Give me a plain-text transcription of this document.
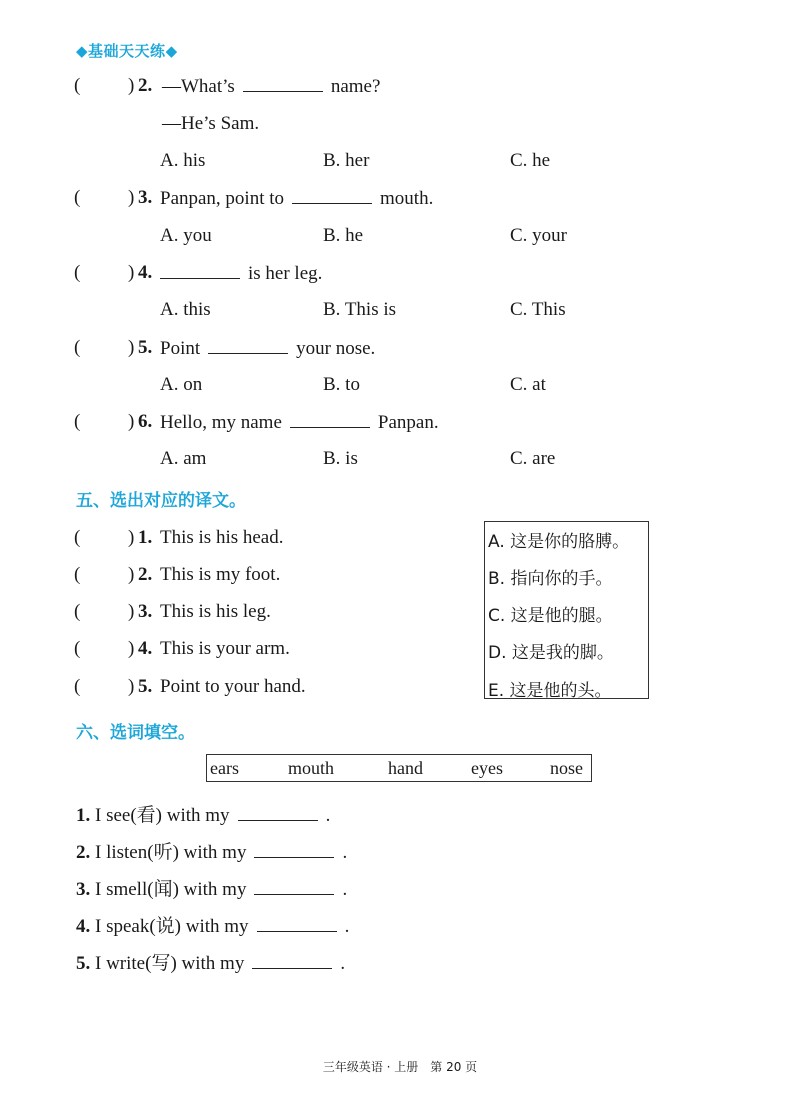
◆基础天天练◆
(	) 2. —What’s	name?
—He’s Sam.
A. his	B. her	C. he
(	) 3. Panpan, point to	mouth.
A. you	B. he	C. your
(	) 4.	is her leg.
A. this	B. This is	C. This
(	) 5. Point	your nose.
A. on	B. to	C. at
(	) 6. Hello, my name	Panpan.
A. am	B. is	C. are
五、选出对应的译文。
(	) 1. This is his head.
(	) 2. This is my foot.
(	) 3. This is his leg.
(	) 4. This is your arm.
(	) 5. Point to your hand.
A. 这是你的胳膊。
B. 指向你的手。
C. 这是他的腿。
D. 这是我的脚。
E. 这是他的头。
六、选词填空。
ears	mouth	hand	eyes	nose
1. I see(看) with my	.
2. I listen(听) with my	.
3. I smell(闻) with my	.
4. I speak(说) with my	.
5. I write(写) with my	.
三年级英语 · 上册　第 20 页
